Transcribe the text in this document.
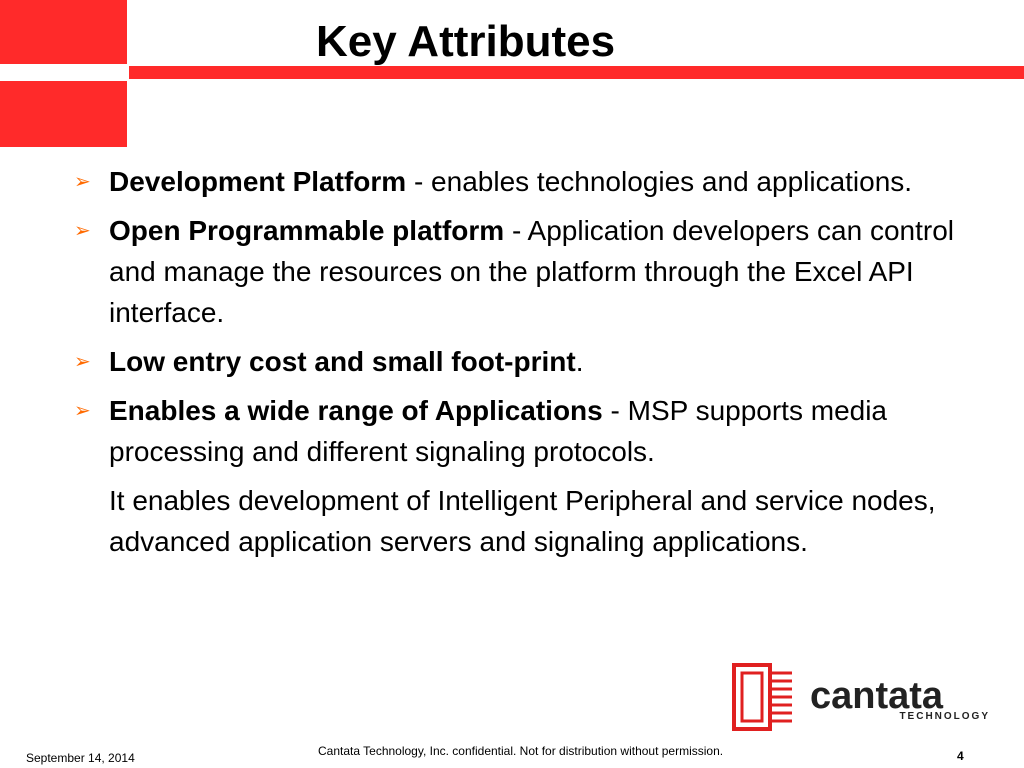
Key Attributes
➢ Development Platform - enables technologies and applications.
➢ Open Programmable platform - Application developers can control and manage the resources on the platform through the Excel API interface.
➢ Low entry cost and small foot-print.
➢ Enables a wide range of Applications - MSP supports media processing and different signaling protocols.
It enables development of Intelligent Peripheral and service nodes, advanced application servers and signaling applications.
cantata
TECHNOLOGY
September 14, 2014	Cantata Technology, Inc. confidential. Not for distribution without permission.	4
